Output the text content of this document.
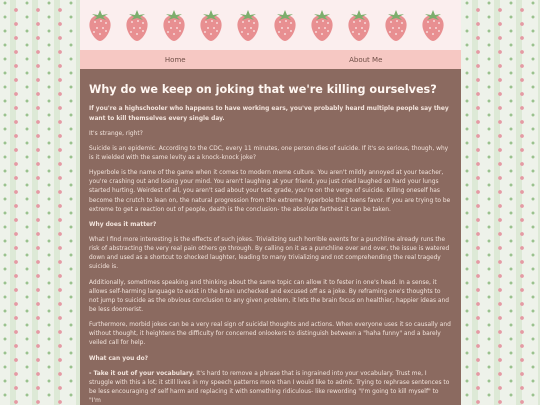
Home	About Me
Why do we keep on joking that we're killing ourselves?

If you're a highschooler who happens to have working ears, you've probably heard multiple people say they want to kill themselves every single day.

It's strange, right?

Suicide is an epidemic. According to the CDC, every 11 minutes, one person dies of suicide. If it's so serious, though, why is it wielded with the same levity as a knock-knock joke?

Hyperbole is the name of the game when it comes to modern meme culture. You aren't mildly annoyed at your teacher, you're crashing out and losing your mind. You aren't laughing at your friend, you just cried laughed so hard your lungs started hurting. Weirdest of all, you aren't sad about your test grade, you're on the verge of suicide. Killing oneself has become the crutch to lean on, the natural progression from the extreme hyperbole that teens favor. If you are trying to be extreme to get a reaction out of people, death is the conclusion- the absolute farthest it can be taken.

Why does it matter?

What I find more interesting is the effects of such jokes. Trivializing such horrible events for a punchline already runs the risk of abstracting the very real pain others go through. By calling on it as a punchline over and over, the issue is watered down and used as a shortcut to shocked laughter, leading to many trivializing and not comprehending the real tragedy suicide is.

Additionally, sometimes speaking and thinking about the same topic can allow it to fester in one's head. In a sense, it allows self-harming language to exist in the brain unchecked and excused off as a joke. By reframing one's thoughts to not jump to suicide as the obvious conclusion to any given problem, it lets the brain focus on healthier, happier ideas and be less doomerist.

Furthermore, morbid jokes can be a very real sign of suicidal thoughts and actions. When everyone uses it so causally and without thought, it heightens the difficulty for concerned onlookers to distinguish between a "haha funny" and a barely veiled call for help.

What can you do?

- Take it out of your vocabulary. It's hard to remove a phrase that is ingrained into your vocabulary. Trust me, I struggle with this a lot; it still lives in my speech patterns more than I would like to admit. Trying to rephrase sentences to be less encouraging of self harm and replacing it with something ridiculous- like rewording "I'm going to kill myself" to "I'm
